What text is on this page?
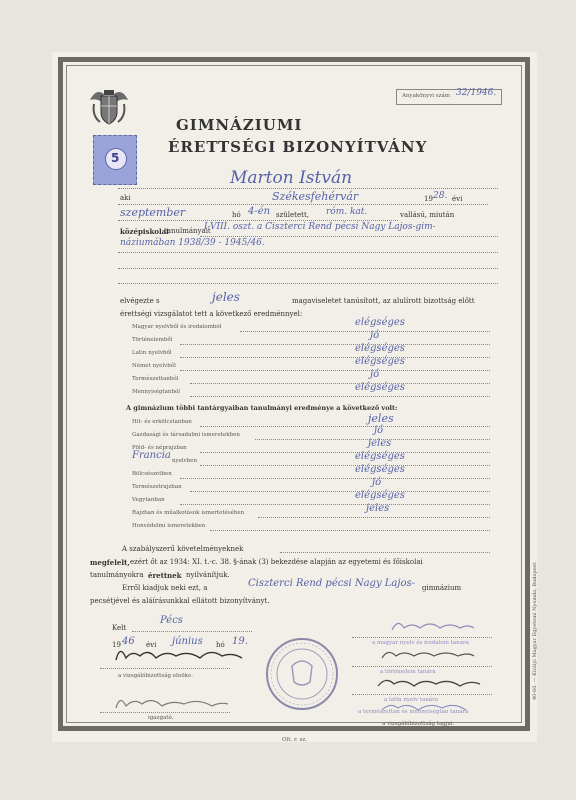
Anyakönyvi szám 32/1946.
5
GIMNÁZIUMI
ÉRETTSÉGI BIZONYÍTVÁNY
Marton István
aki	Székesfehérvár	19 28. évi
szeptember	hó 4-én született, róm. kat.	vallású, miután
középiskolai
tanulmányait
I-VIII. oszt. a Ciszterci Rend pécsi Nagy Lajos-gim-
náziumában 1938/39 - 1945/46.
elvégezte s	jeles	magaviseletet tanúsított, az alulírott bizottság előtt
érettségi vizsgálatot tett a következő eredménnyel:
Magyar nyelvből és irodalomból	elégséges
Történelemből	jó
Latin nyelvből	elégséges
Német nyelvből	elégséges
Természettanból	jó
Mennyiségtanból	elégséges
A gimnázium többi tantárgyaiban tanulmányi eredménye a következő volt:
Hit- és erkölcstanban	jeles
Gazdasági és társadalmi ismeretekben	jó
Föld- és néprajzban	jeles
Francia nyelvben	elégséges
Bölcsészetben	elégséges
Természetrajzban	jó
Vegytanban	elégséges
Rajzban és műalkotások ismertetésében	jeles
Honvédelmi ismeretekben
A szabályszerű követelményeknek
megfelelt, ezért őt az 1934: XI. t.-c. 38. §-ának (3) bekezdése alapján az egyetemi és főiskolai
tanulmányokra érettnek nyilvánítjuk.
Erről kiadjuk neki ezt, a	Ciszterci Rend pécsi Nagy Lajos- gimnázium
pecsétjével és aláírásunkkal ellátott bizonyítványt.
Pécs
Kelt
19 46 évi június hó 19.
a vizsgálóbizottság elnöke.
igazgató.
a magyar nyelv és irodalom tanára
a történelem tanára
a latin nyelv tanára
a természettan és mennyiségtan tanára
a vizsgálóbizottság tagjai.
Olt. r. sz.
40-60. — Királyi Magyar Egyetemi Nyomda, Budapest.
